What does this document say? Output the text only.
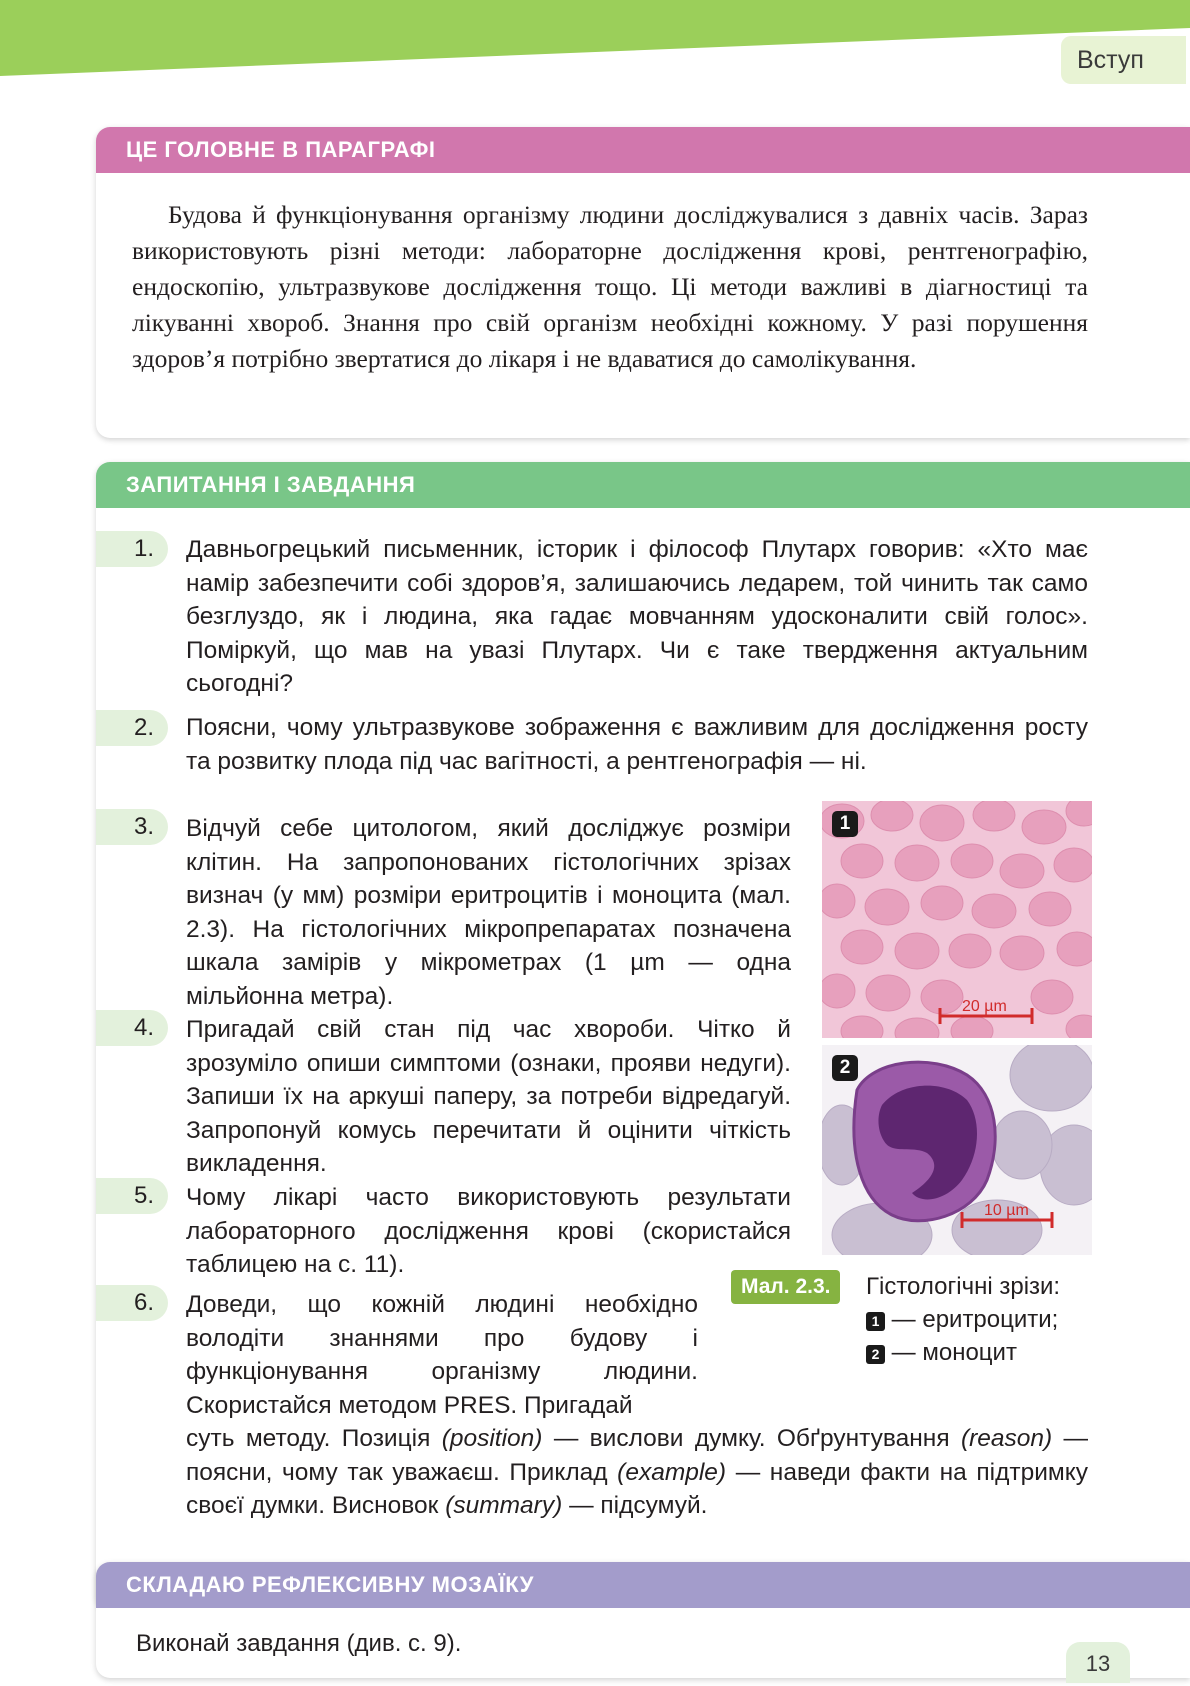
Вступ
ЦЕ ГОЛОВНЕ В ПАРАГРАФІ

Будова й функціонування організму людини досліджувалися з давніх часів. Зараз використовують різні методи: лабораторне дослідження крові, рентгенографію, ендоскопію, ультразвукове дослідження тощо. Ці методи важливі в діагностиці та лікуванні хвороб. Знання про свій організм необхідні кожному. У разі порушення здоров’я потрібно звертатися до лікаря і не вдаватися до самолікування.

ЗАПИТАННЯ І ЗАВДАННЯ
1.	Давньогрецький письменник, історик і філософ Плутарх говорив: «Хто має намір забезпечити собі здоров’я, залишаючись ледарем, той чинить так само безглуздо, як і людина, яка гадає мовчанням удосконалити свій голос». Поміркуй, що мав на увазі Плутарх. Чи є таке твердження актуальним сьогодні?
2.	Поясни, чому ультразвукове зображення є важливим для дослідження росту та розвитку плода під час вагітності, а рентгенографія — ні.
3.	Відчуй себе цитологом, який досліджує розміри клітин. На запропонованих гістологічних зрізах визнач (у мм) розміри еритроцитів і моноцита (мал. 2.3). На гістологічних мікропрепаратах позначена шкала замірів у мікрометрах (1 µm — одна мільйонна метра).
4.	Пригадай свій стан під час хвороби. Чітко й зрозуміло опиши симптоми (ознаки, прояви недуги). Запиши їх на аркуші паперу, за потреби відредагуй. Запропонуй комусь перечитати й оцінити чіткість викладення.
5.	Чому лікарі часто використовують результати лабораторного дослідження крові (скористайся таблицею на с. 11).
6.	Доведи, що кожній людині необхідно володіти знаннями про будову і функціонування організму людини. Скористайся методом PRES. Пригадай
суть методу. Позиція (position) — вислови думку. Обґрунтування (reason) — поясни, чому так уважаєш. Приклад (example) — наведи факти на підтримку своєї думки. Висновок (summary) — підсумуй.
20 µm
1
10 µm
2
Мал. 2.3.	Гістологічні зрізи:
1 — еритроцити;
2 — моноцит
СКЛАДАЮ РЕФЛЕКСИВНУ МОЗАЇКУ
Виконай завдання (див. с. 9).
13
